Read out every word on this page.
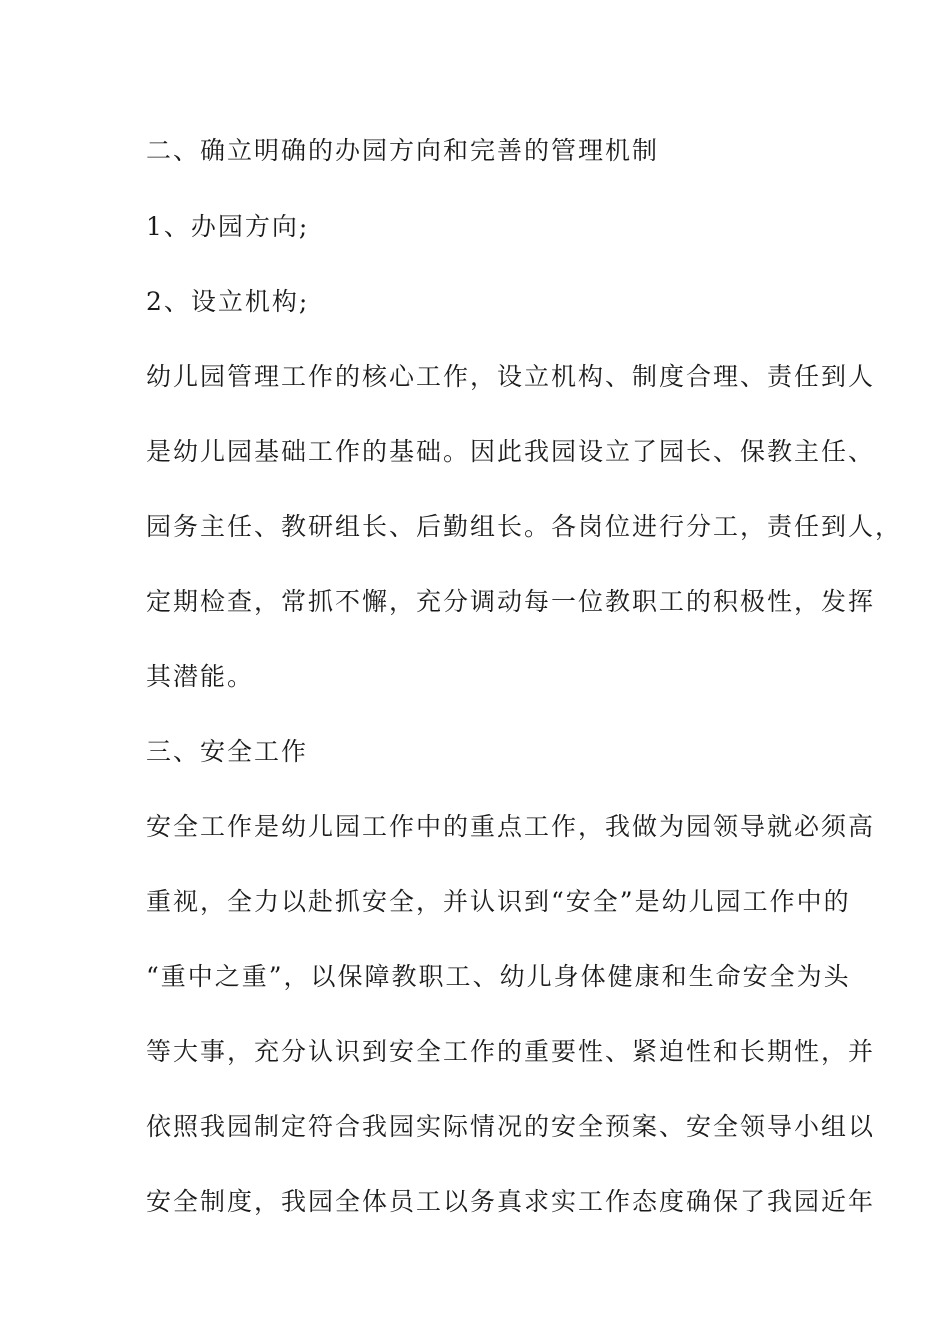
二、确立明确的办园方向和完善的管理机制
1、办园方向;
2、设立机构;
幼儿园管理工作的核心工作，设立机构、制度合理、责任到人
是幼儿园基础工作的基础。因此我园设立了园长、保教主任、
园务主任、教研组长、后勤组长。各岗位进行分工，责任到人，
定期检查，常抓不懈，充分调动每一位教职工的积极性，发挥
其潜能。
三、安全工作
安全工作是幼儿园工作中的重点工作，我做为园领导就必须高
重视，全力以赴抓安全，并认识到“安全”是幼儿园工作中的
“重中之重”，以保障教职工、幼儿身体健康和生命安全为头
等大事，充分认识到安全工作的重要性、紧迫性和长期性，并
依照我园制定符合我园实际情况的安全预案、安全领导小组以
安全制度，我园全体员工以务真求实工作态度确保了我园近年
